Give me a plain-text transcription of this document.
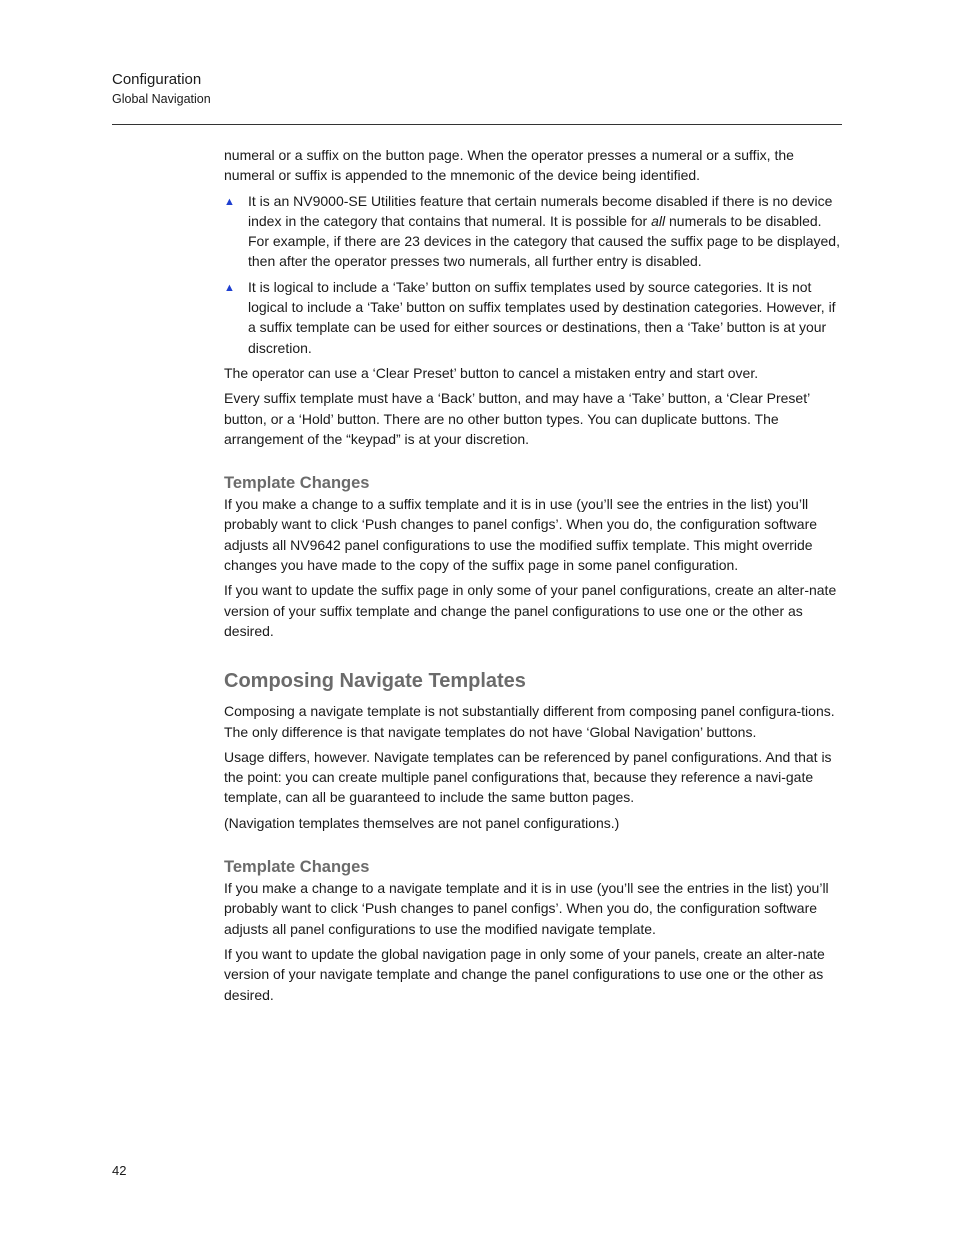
Configuration
Global Navigation

numeral or a suffix on the button page. When the operator presses a numeral or a suffix, the numeral or suffix is appended to the mnemonic of the device being identified.

▲ It is an NV9000-SE Utilities feature that certain numerals become disabled if there is no device index in the category that contains that numeral. It is possible for all numerals to be disabled. For example, if there are 23 devices in the category that caused the suffix page to be displayed, then after the operator presses two numerals, all further entry is disabled.
▲ It is logical to include a ‘Take’ button on suffix templates used by source categories. It is not logical to include a ‘Take’ button on suffix templates used by destination categories. However, if a suffix template can be used for either sources or destinations, then a ‘Take’ button is at your discretion.

The operator can use a ‘Clear Preset’ button to cancel a mistaken entry and start over.

Every suffix template must have a ‘Back’ button, and may have a ‘Take’ button, a ‘Clear Preset’ button, or a ‘Hold’ button. There are no other button types. You can duplicate buttons. The arrangement of the “keypad” is at your discretion.

Template Changes

If you make a change to a suffix template and it is in use (you’ll see the entries in the list) you’ll probably want to click ‘Push changes to panel configs’. When you do, the configuration software adjusts all NV9642 panel configurations to use the modified suffix template. This might override changes you have made to the copy of the suffix page in some panel configuration.

If you want to update the suffix page in only some of your panel configurations, create an alter-nate version of your suffix template and change the panel configurations to use one or the other as desired.

Composing Navigate Templates

Composing a navigate template is not substantially different from composing panel configura-tions. The only difference is that navigate templates do not have ‘Global Navigation’ buttons.

Usage differs, however. Navigate templates can be referenced by panel configurations. And that is the point: you can create multiple panel configurations that, because they reference a navi-gate template, can all be guaranteed to include the same button pages.

(Navigation templates themselves are not panel configurations.)

Template Changes

If you make a change to a navigate template and it is in use (you’ll see the entries in the list) you’ll probably want to click ‘Push changes to panel configs’. When you do, the configuration software adjusts all panel configurations to use the modified navigate template.

If you want to update the global navigation page in only some of your panels, create an alter-nate version of your navigate template and change the panel configurations to use one or the other as desired.

42
